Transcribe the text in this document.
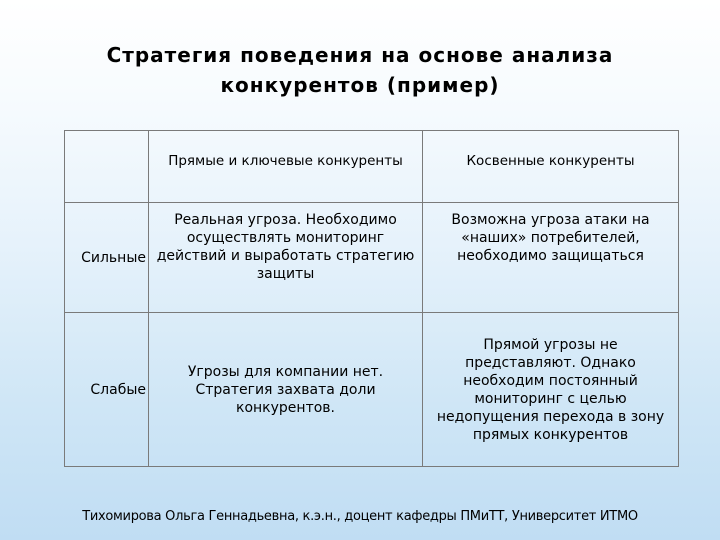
Стратегия поведения на основе анализа
конкурентов (пример)
	Прямые и ключевые конкуренты	Косвенные конкуренты
Сильные	Реальная угроза. Необходимо осуществлять мониторинг действий и выработать стратегию защиты	Возможна угроза атаки на «наших» потребителей, необходимо защищаться
Слабые	Угрозы для компании нет. Стратегия захвата доли конкурентов.	Прямой угрозы не представляют. Однако необходим постоянный мониторинг с целью недопущения перехода в зону прямых конкурентов
Тихомирова Ольга Геннадьевна, к.э.н., доцент кафедры ПМиТТ, Университет ИТМО
